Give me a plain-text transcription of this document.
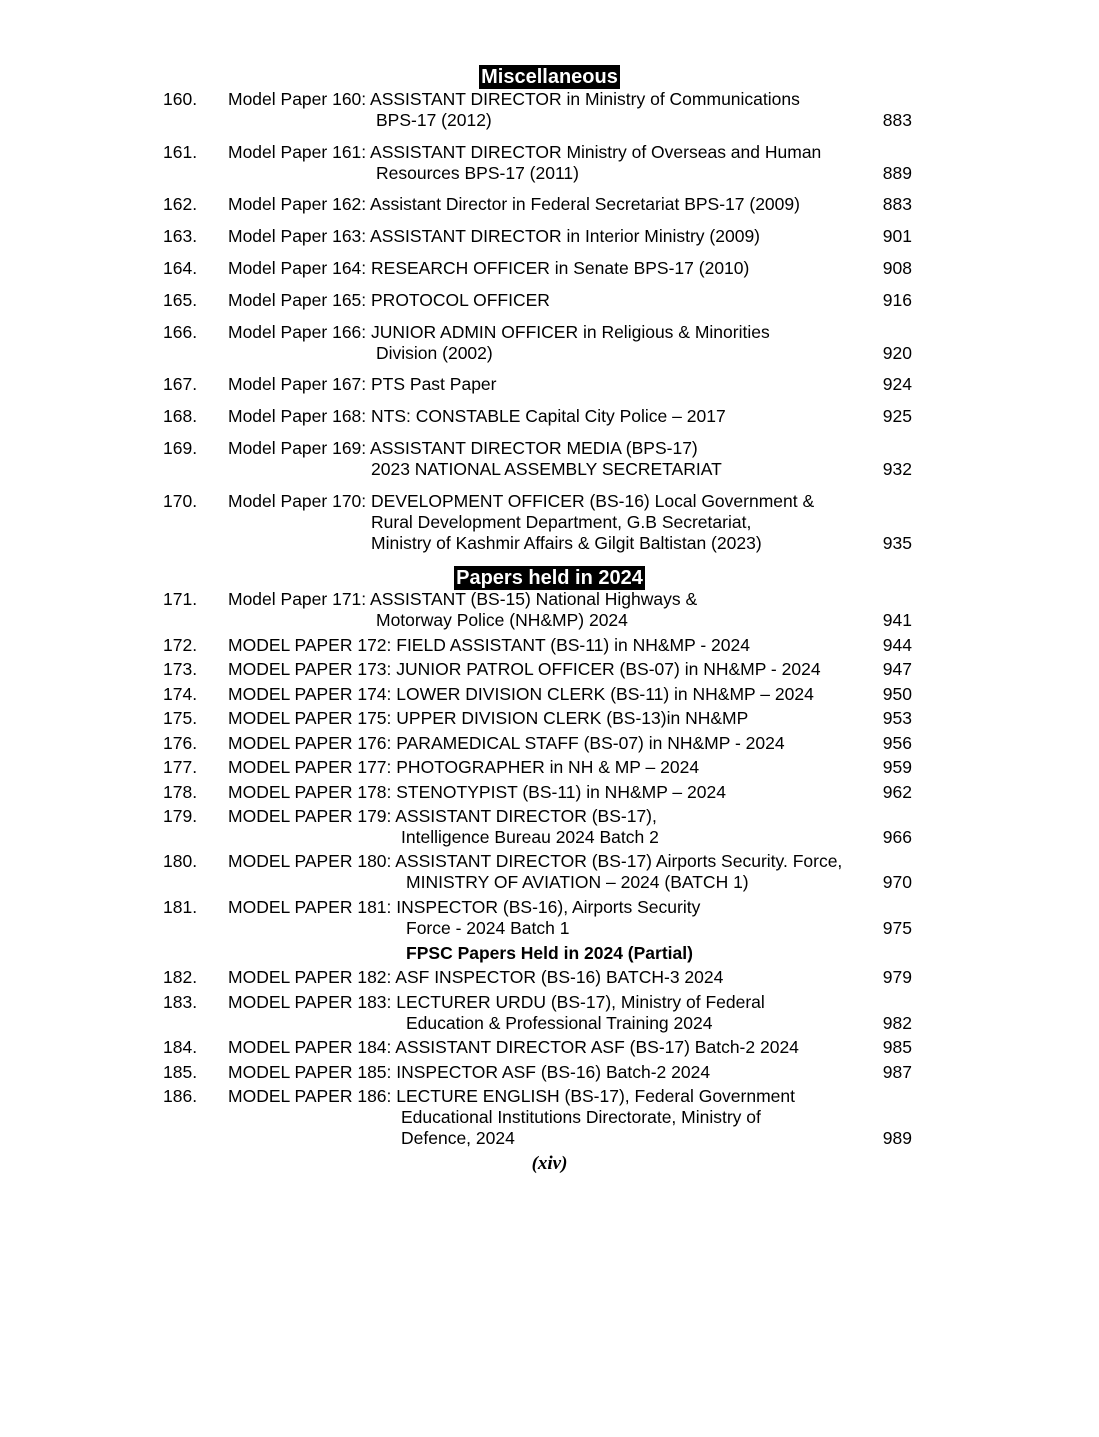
Miscellaneous
Papers held in 2024
FPSC Papers Held in 2024 (Partial)
160. Model Paper 160: ASSISTANT DIRECTOR in Ministry of Communications
BPS-17 (2012)	883
161. Model Paper 161: ASSISTANT DIRECTOR Ministry of Overseas and Human
Resources BPS-17 (2011)	889
162. Model Paper 162: Assistant Director in Federal Secretariat BPS-17 (2009)	883
163. Model Paper 163: ASSISTANT DIRECTOR in Interior Ministry (2009)	901
164. Model Paper 164: RESEARCH OFFICER in Senate BPS-17 (2010)	908
165. Model Paper 165: PROTOCOL OFFICER	916
166. Model Paper 166: JUNIOR ADMIN OFFICER in Religious & Minorities
Division (2002)	920
167. Model Paper 167: PTS Past Paper	924
168. Model Paper 168: NTS: CONSTABLE Capital City Police – 2017	925
169. Model Paper 169: ASSISTANT DIRECTOR MEDIA (BPS-17)
2023 NATIONAL ASSEMBLY SECRETARIAT	932
170. Model Paper 170: DEVELOPMENT OFFICER (BS-16) Local Government &
Rural Development Department, G.B Secretariat,
Ministry of Kashmir Affairs & Gilgit Baltistan (2023)	935
171. Model Paper 171: ASSISTANT (BS-15) National Highways &
Motorway Police (NH&MP) 2024	941
172. MODEL PAPER 172: FIELD ASSISTANT (BS-11) in NH&MP - 2024	944
173. MODEL PAPER 173: JUNIOR PATROL OFFICER (BS-07) in NH&MP - 2024	947
174. MODEL PAPER 174: LOWER DIVISION CLERK (BS-11) in NH&MP – 2024	950
175. MODEL PAPER 175: UPPER DIVISION CLERK (BS-13)in NH&MP	953
176. MODEL PAPER 176: PARAMEDICAL STAFF (BS-07) in NH&MP - 2024	956
177. MODEL PAPER 177: PHOTOGRAPHER in NH & MP – 2024	959
178. MODEL PAPER 178: STENOTYPIST (BS-11) in NH&MP – 2024	962
179. MODEL PAPER 179: ASSISTANT DIRECTOR (BS-17),
Intelligence Bureau 2024 Batch 2	966
180. MODEL PAPER 180: ASSISTANT DIRECTOR (BS-17) Airports Security. Force,
MINISTRY OF AVIATION – 2024 (BATCH 1)	970
181. MODEL PAPER 181: INSPECTOR (BS-16), Airports Security
Force - 2024 Batch 1	975
182. MODEL PAPER 182: ASF INSPECTOR (BS-16) BATCH-3 2024	979
183. MODEL PAPER 183: LECTURER URDU (BS-17), Ministry of Federal
Education & Professional Training 2024	982
184. MODEL PAPER 184: ASSISTANT DIRECTOR ASF (BS-17) Batch-2 2024	985
185. MODEL PAPER 185: INSPECTOR ASF (BS-16) Batch-2 2024	987
186. MODEL PAPER 186: LECTURE ENGLISH (BS-17), Federal Government
Educational Institutions Directorate, Ministry of
Defence, 2024	989
(xiv)
